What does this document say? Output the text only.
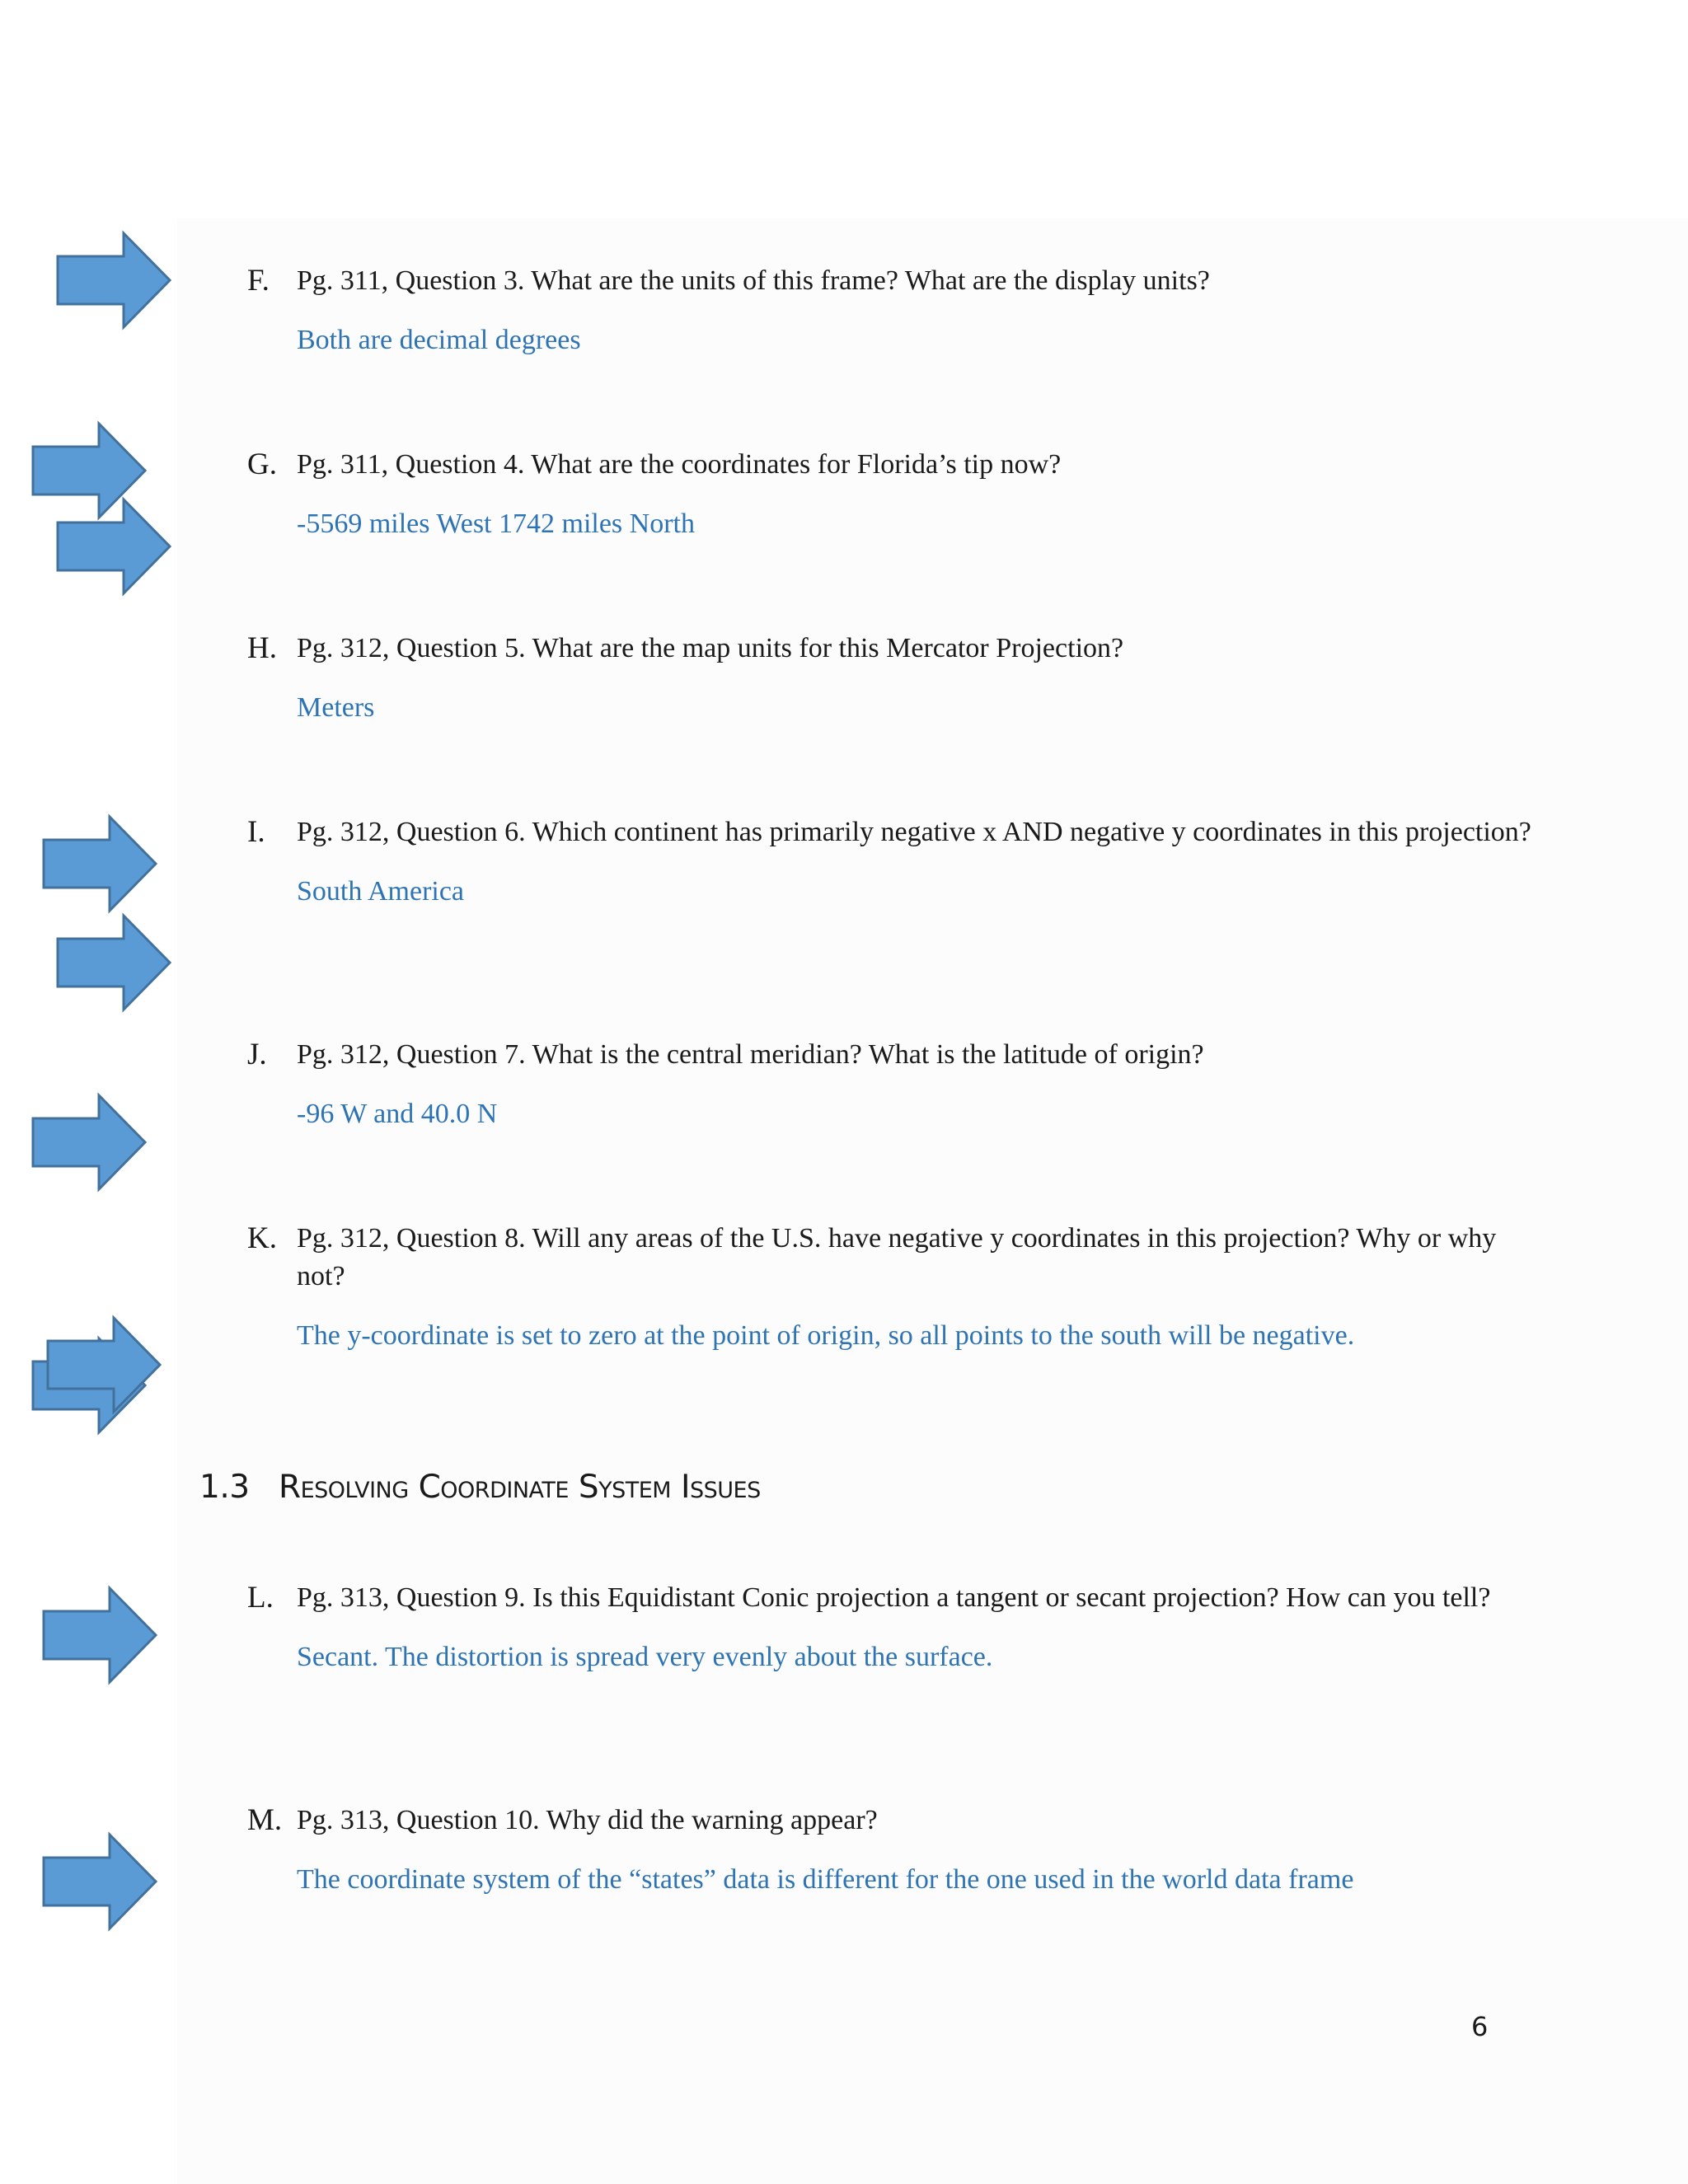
F. Pg. 311, Question 3. What are the units of this frame? What are the display units?
Both are decimal degrees
G. Pg. 311, Question 4. What are the coordinates for Florida’s tip now?
-5569 miles West 1742 miles North
H. Pg. 312, Question 5. What are the map units for this Mercator Projection?
Meters
I. Pg. 312, Question 6. Which continent has primarily negative x AND negative y coordinates in this projection?
South America
J. Pg. 312, Question 7. What is the central meridian? What is the latitude of origin?
-96 W and 40.0 N
K. Pg. 312, Question 8. Will any areas of the U.S. have negative y coordinates in this projection? Why or why not?
The y-coordinate is set to zero at the point of origin, so all points to the south will be negative.
1.3 Resolving Coordinate System Issues
L. Pg. 313, Question 9. Is this Equidistant Conic projection a tangent or secant projection? How can you tell?
Secant. The distortion is spread very evenly about the surface.
M. Pg. 313, Question 10. Why did the warning appear?
The coordinate system of the “states” data is different for the one used in the world data frame
6
